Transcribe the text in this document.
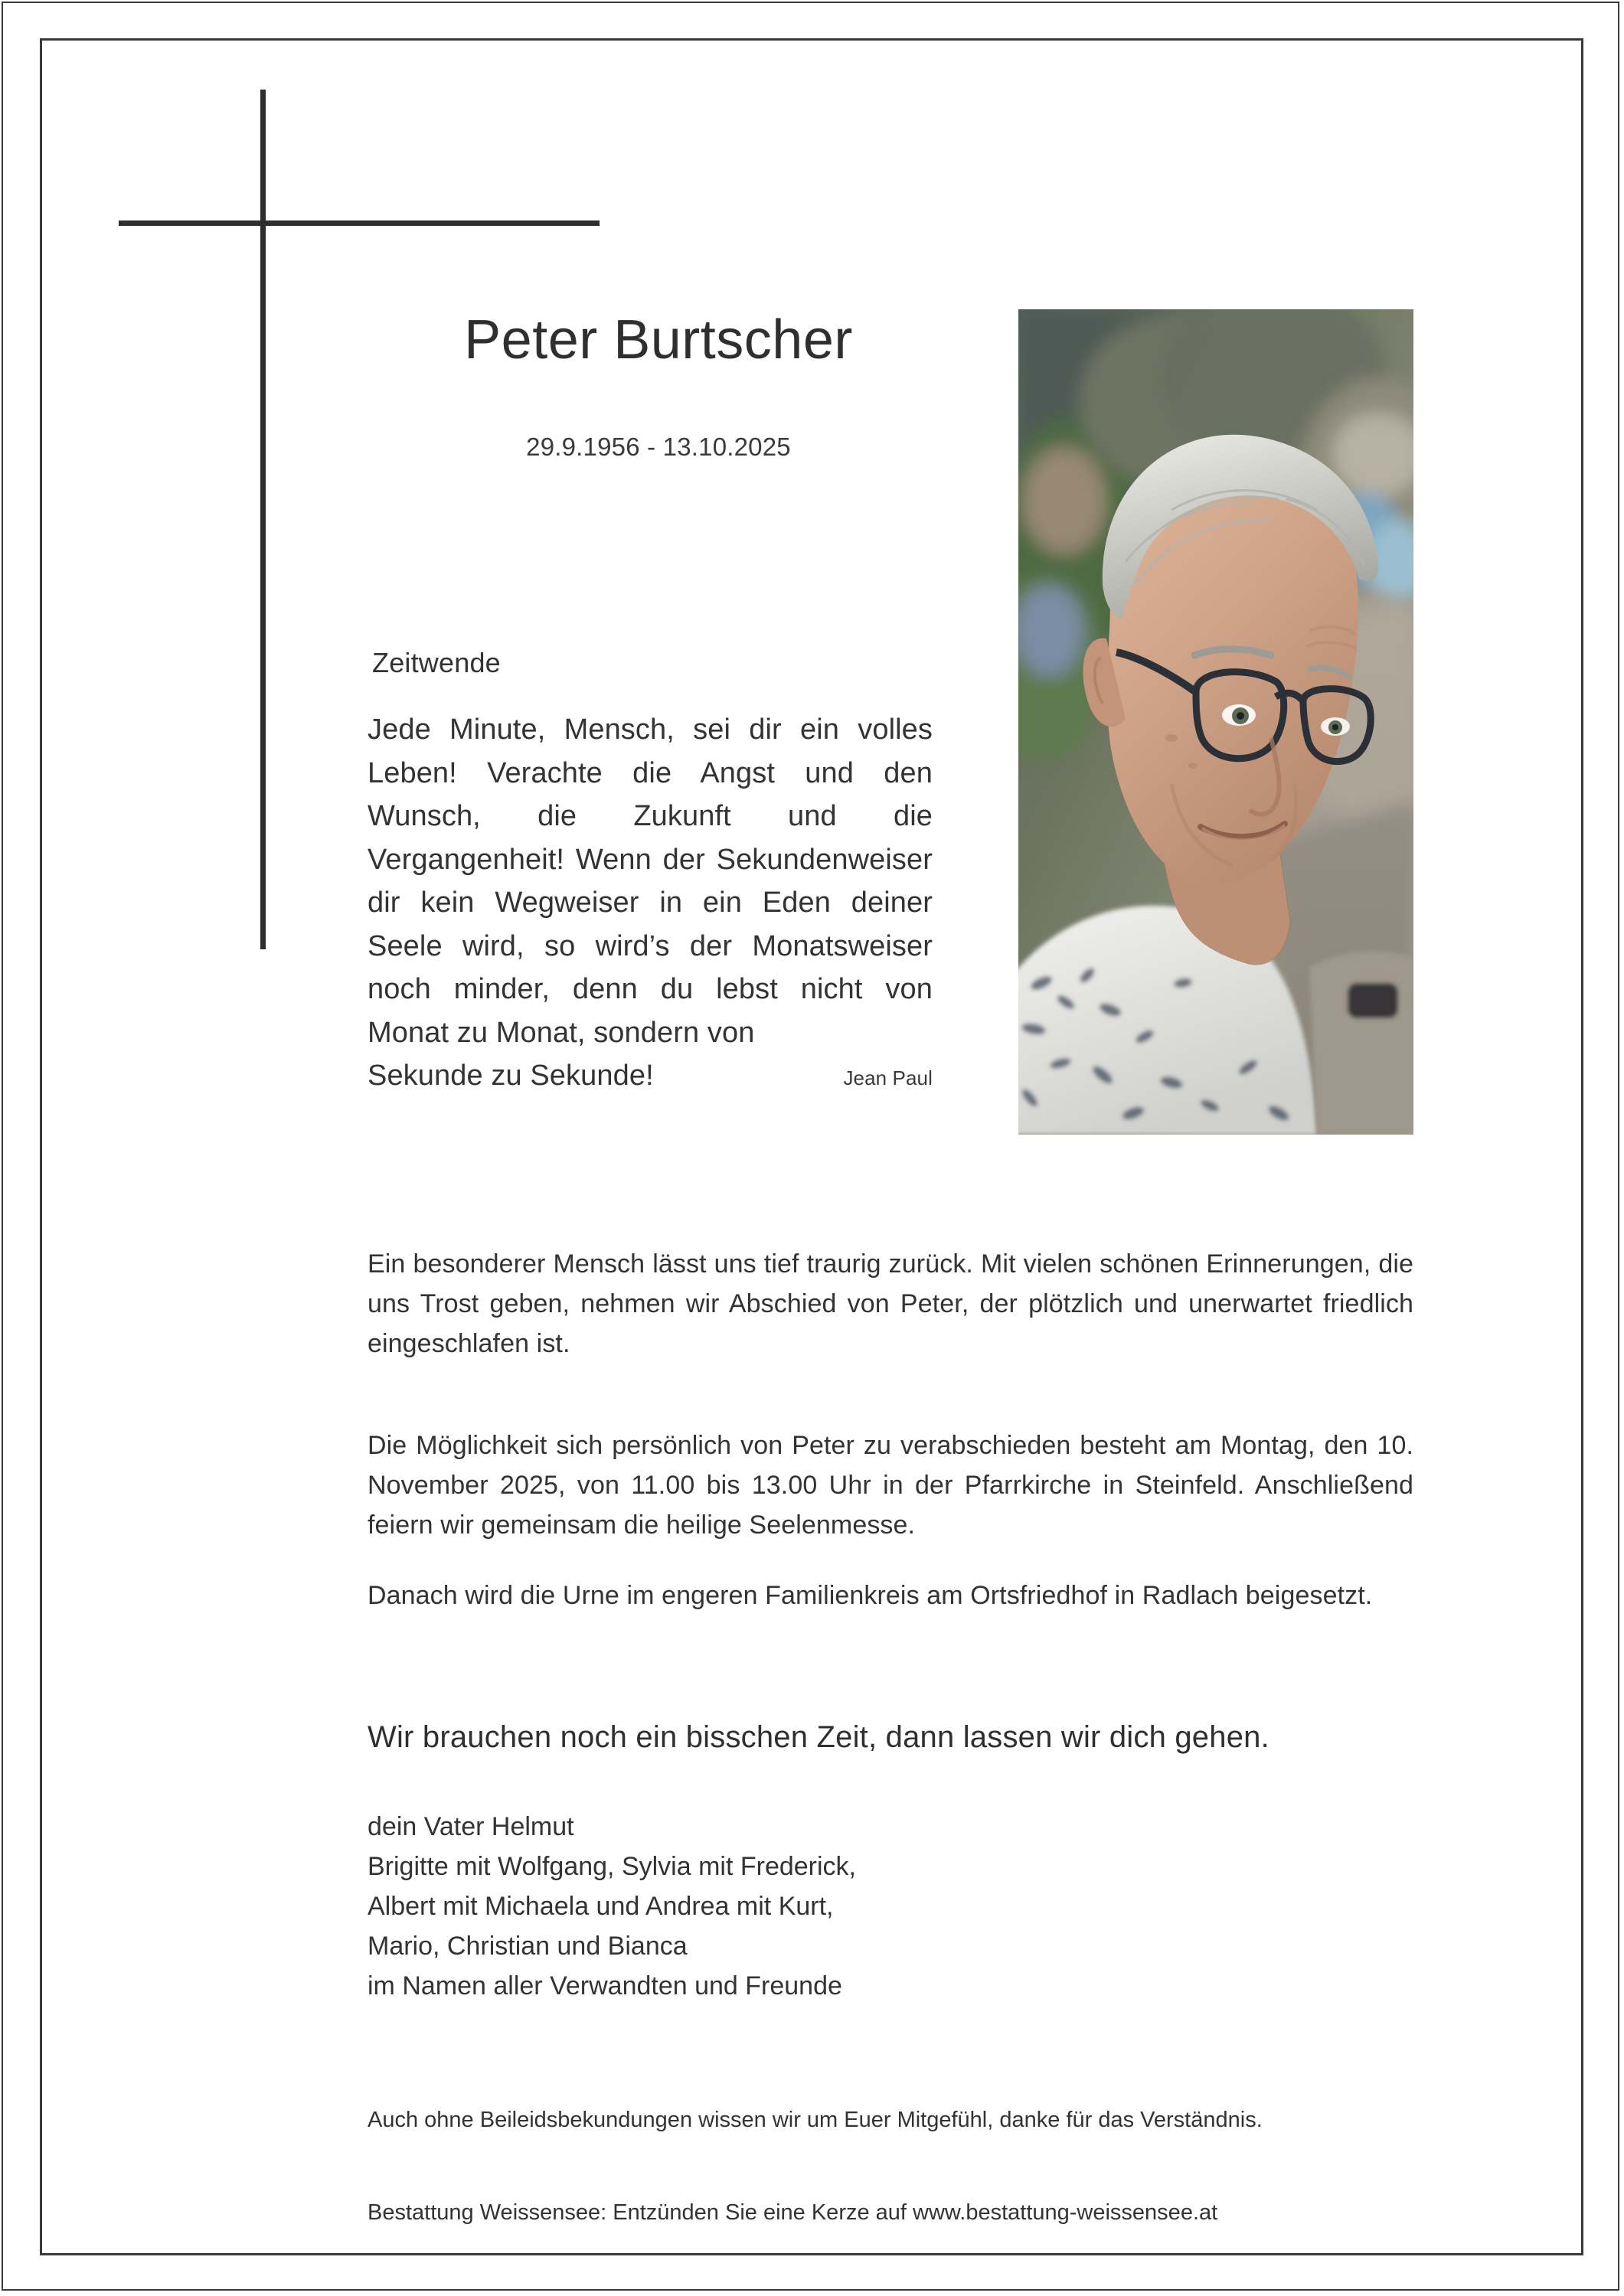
Peter Burtscher
29.9.1956 - 13.10.2025
Zeitwende
Jede Minute, Mensch, sei dir ein volles Leben! Verachte die Angst und den Wunsch, die Zukunft und die Vergangenheit! Wenn der Sekundenweiser dir kein Wegweiser in ein Eden deiner Seele wird, so wird’s der Monatsweiser noch minder, denn du lebst nicht von Monat zu Monat, sondern von
Sekunde zu Sekunde!	Jean Paul
Ein besonderer Mensch lässt uns tief traurig zurück. Mit vielen schönen Erinnerungen, die uns Trost geben, nehmen wir Abschied von Peter, der plötzlich und unerwartet friedlich eingeschlafen ist.
Die Möglichkeit sich persönlich von Peter zu verabschieden besteht am Montag, den 10. November 2025, von 11.00 bis 13.00 Uhr in der Pfarrkirche in Steinfeld. Anschließend feiern wir gemeinsam die heilige Seelenmesse.
Danach wird die Urne im engeren Familienkreis am Ortsfriedhof in Radlach beigesetzt.
Wir brauchen noch ein bisschen Zeit, dann lassen wir dich gehen.
dein Vater Helmut
Brigitte mit Wolfgang, Sylvia mit Frederick,
Albert mit Michaela und Andrea mit Kurt,
Mario, Christian und Bianca
im Namen aller Verwandten und Freunde
Auch ohne Beileidsbekundungen wissen wir um Euer Mitgefühl, danke für das Verständnis.
Bestattung Weissensee: Entzünden Sie eine Kerze auf www.bestattung-weissensee.at
